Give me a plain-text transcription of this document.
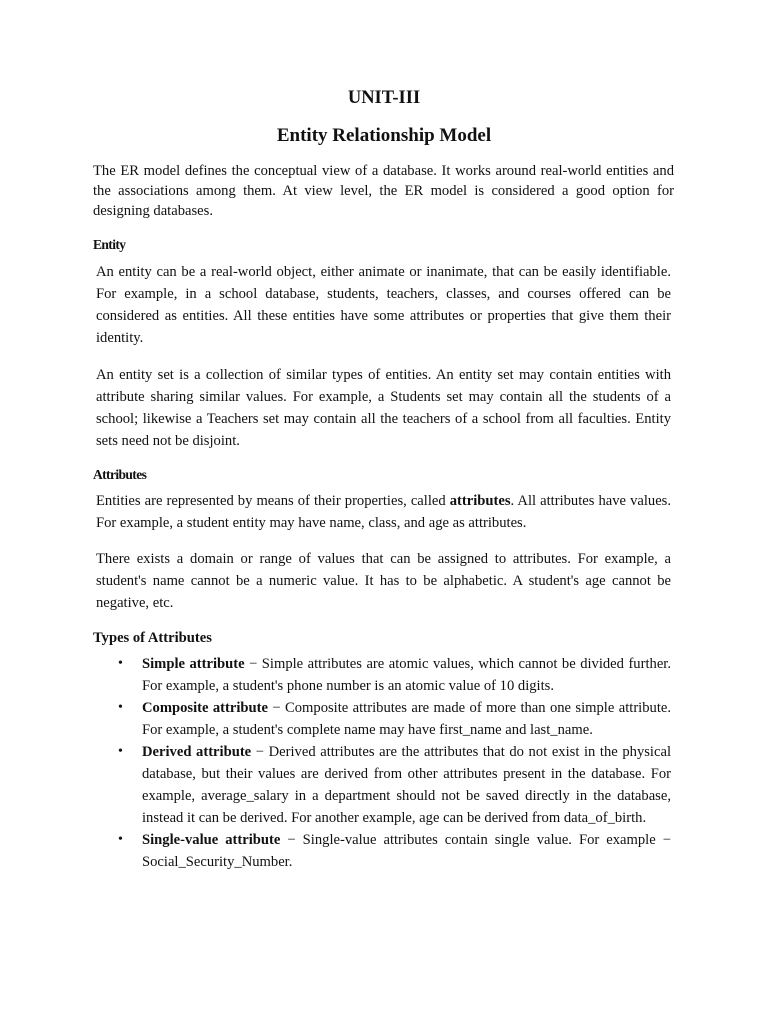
UNIT-III
Entity Relationship Model

The ER model defines the conceptual view of a database. It works around real-world entities and the associations among them. At view level, the ER model is considered a good option for designing databases.

Entity

An entity can be a real-world object, either animate or inanimate, that can be easily identifiable. For example, in a school database, students, teachers, classes, and courses offered can be considered as entities. All these entities have some attributes or properties that give them their identity.

An entity set is a collection of similar types of entities. An entity set may contain entities with attribute sharing similar values. For example, a Students set may contain all the students of a school; likewise a Teachers set may contain all the teachers of a school from all faculties. Entity sets need not be disjoint.

Attributes

Entities are represented by means of their properties, called attributes. All attributes have values. For example, a student entity may have name, class, and age as attributes.

There exists a domain or range of values that can be assigned to attributes. For example, a student's name cannot be a numeric value. It has to be alphabetic. A student's age cannot be negative, etc.

Types of Attributes
• Simple attribute − Simple attributes are atomic values, which cannot be divided further. For example, a student's phone number is an atomic value of 10 digits.
• Composite attribute − Composite attributes are made of more than one simple attribute. For example, a student's complete name may have first_name and last_name.
• Derived attribute − Derived attributes are the attributes that do not exist in the physical database, but their values are derived from other attributes present in the database. For example, average_salary in a department should not be saved directly in the database, instead it can be derived. For another example, age can be derived from data_of_birth.
• Single-value attribute − Single-value attributes contain single value. For example − Social_Security_Number.
